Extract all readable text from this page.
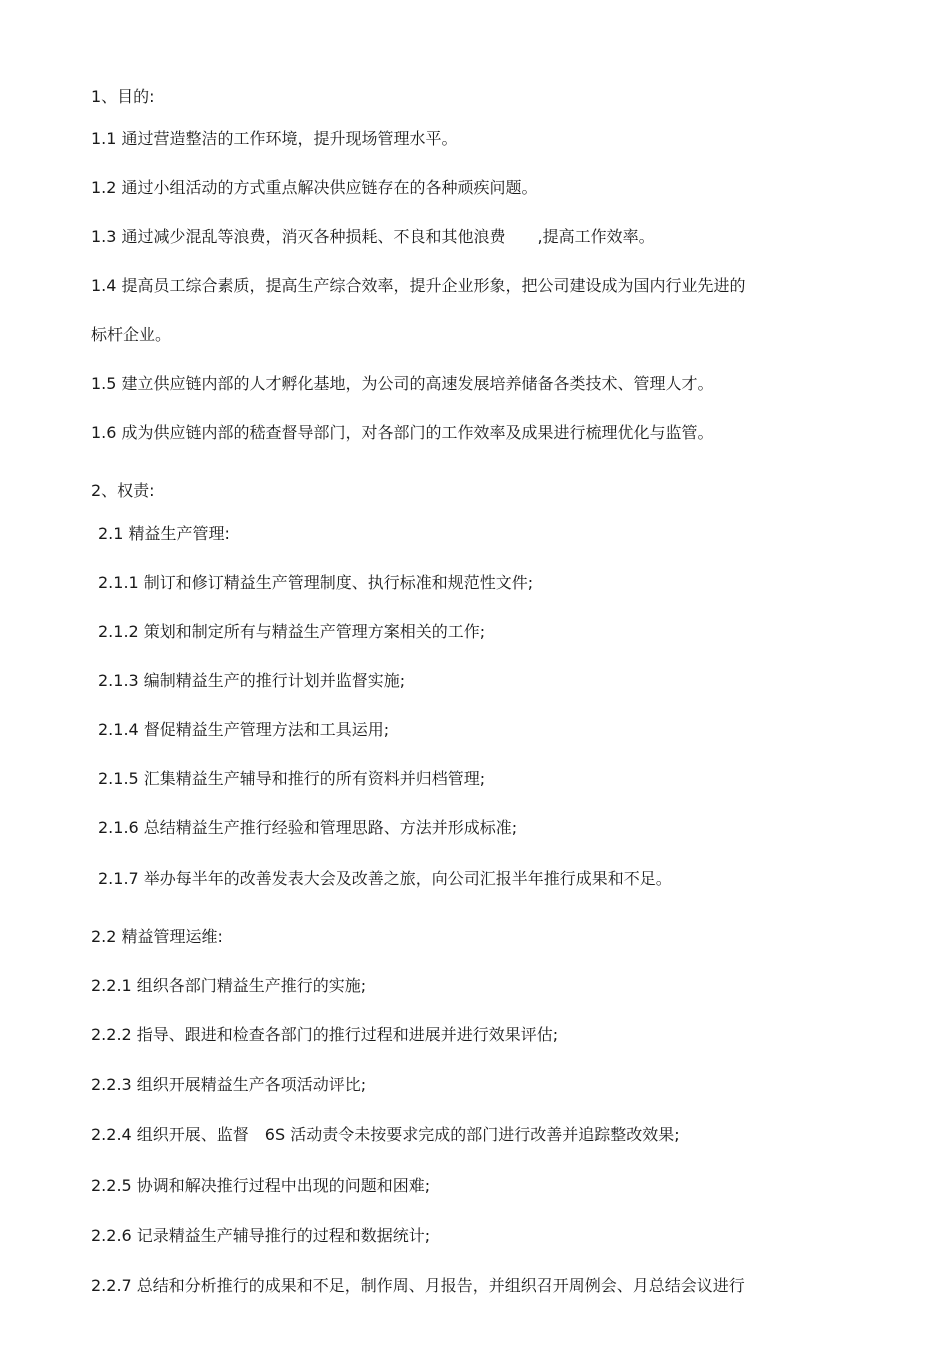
1、目的:
1.1 通过营造整洁的工作环境，提升现场管理水平。
1.2 通过小组活动的方式重点解决供应链存在的各种顽疾问题。
1.3 通过减少混乱等浪费，消灭各种损耗、不良和其他浪费　　,提高工作效率。
1.4 提高员工综合素质，提高生产综合效率，提升企业形象，把公司建设成为国内行业先进的
标杆企业。
1.5 建立供应链内部的人才孵化基地，为公司的高速发展培养储备各类技术、管理人才。
1.6 成为供应链内部的嵇查督导部门，对各部门的工作效率及成果进行梳理优化与监管。
2、权责:
2.1 精益生产管理:
2.1.1 制订和修订精益生产管理制度、执行标准和规范性文件;
2.1.2 策划和制定所有与精益生产管理方案相关的工作;
2.1.3 编制精益生产的推行计划并监督实施;
2.1.4 督促精益生产管理方法和工具运用;
2.1.5 汇集精益生产辅导和推行的所有资料并归档管理;
2.1.6 总结精益生产推行经验和管理思路、方法并形成标准;
2.1.7 举办每半年的改善发表大会及改善之旅，向公司汇报半年推行成果和不足。
2.2 精益管理运维:
2.2.1 组织各部门精益生产推行的实施;
2.2.2 指导、跟进和检查各部门的推行过程和进展并进行效果评估;
2.2.3 组织开展精益生产各项活动评比;
2.2.4 组织开展、监督　6S 活动责令未按要求完成的部门进行改善并追踪整改效果;
2.2.5 协调和解决推行过程中出现的问题和困难;
2.2.6 记录精益生产辅导推行的过程和数据统计;
2.2.7 总结和分析推行的成果和不足，制作周、月报告，并组织召开周例会、月总结会议进行
